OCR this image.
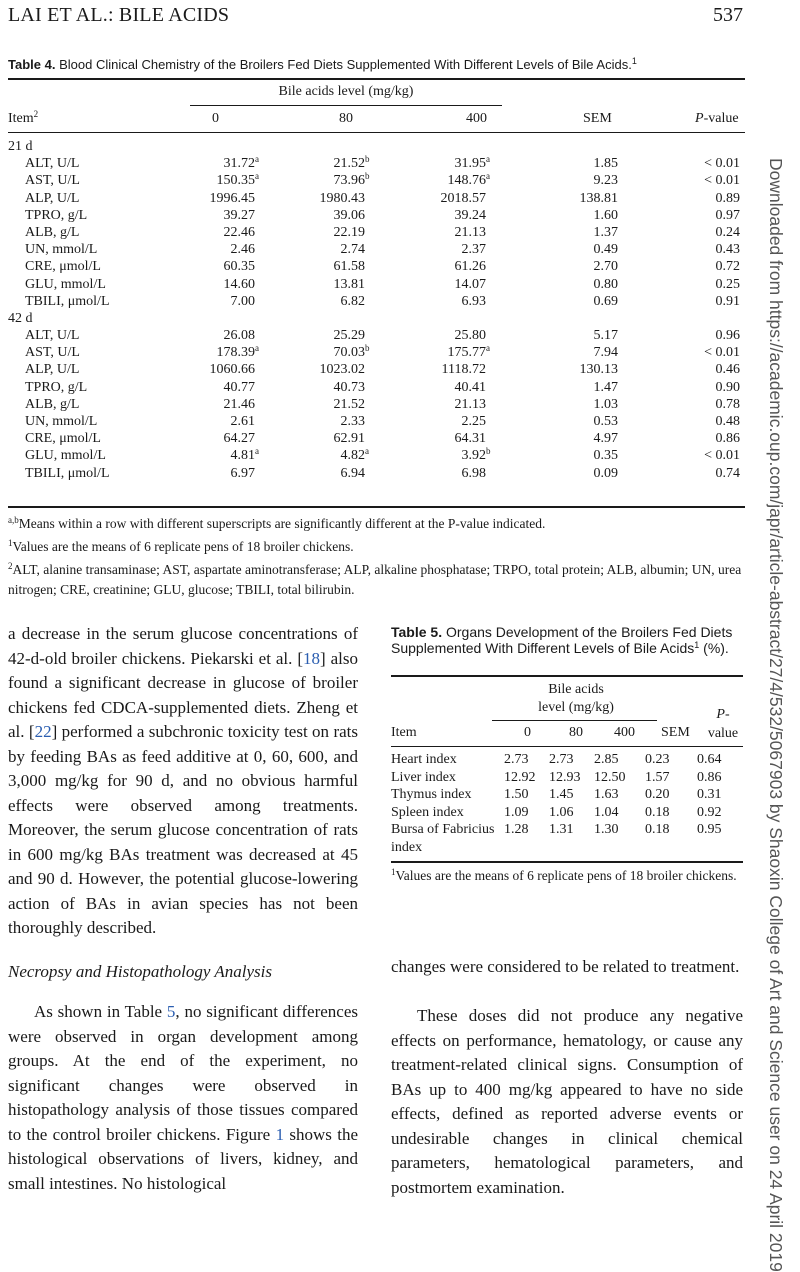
LAI ET AL.: BILE ACIDS	537
Table 4. Blood Clinical Chemistry of the Broilers Fed Diets Supplemented With Different Levels of Bile Acids.$^1$
Bile acids level (mg/kg)
Item$^2$	0	80	400	SEM	P-value
21 d
ALT, U/L	31.72$^a$	21.52$^b$	31.95$^a$	1.85	< 0.01
AST, U/L	150.35$^a$	73.96$^b$	148.76$^a$	9.23	< 0.01
ALP, U/L	1996.45	1980.43	2018.57	138.81	0.89
TPRO, g/L	39.27	39.06	39.24	1.60	0.97
ALB, g/L	22.46	22.19	21.13	1.37	0.24
UN, mmol/L	2.46	2.74	2.37	0.49	0.43
CRE, μmol/L	60.35	61.58	61.26	2.70	0.72
GLU, mmol/L	14.60	13.81	14.07	0.80	0.25
TBILI, μmol/L	7.00	6.82	6.93	0.69	0.91
42 d
ALT, U/L	26.08	25.29	25.80	5.17	0.96
AST, U/L	178.39$^a$	70.03$^b$	175.77$^a$	7.94	< 0.01
ALP, U/L	1060.66	1023.02	1118.72	130.13	0.46
TPRO, g/L	40.77	40.73	40.41	1.47	0.90
ALB, g/L	21.46	21.52	21.13	1.03	0.78
UN, mmol/L	2.61	2.33	2.25	0.53	0.48
CRE, μmol/L	64.27	62.91	64.31	4.97	0.86
GLU, mmol/L	4.81$^a$	4.82$^a$	3.92$^b$	0.35	< 0.01
TBILI, μmol/L	6.97	6.94	6.98	0.09	0.74

$^{a,b}$Means within a row with different superscripts are significantly different at the P-value indicated.

$^1$Values are the means of 6 replicate pens of 18 broiler chickens.

$^2$ALT, alanine transaminase; AST, aspartate aminotransferase; ALP, alkaline phosphatase; TRPO, total protein; ALB, albumin; UN, urea nitrogen; CRE, creatinine; GLU, glucose; TBILI, total bilirubin.

a decrease in the serum glucose concentrations of 42-d-old broiler chickens. Piekarski et al. [18] also found a significant decrease in glucose of broiler chickens fed CDCA-supplemented diets. Zheng et al. [22] performed a subchronic toxicity test on rats by feeding BAs as feed additive at 0, 60, 600, and 3,000 mg/kg for 90 d, and no obvious harmful effects were observed among treatments. Moreover, the serum glucose concentration of rats in 600 mg/kg BAs treatment was decreased at 45 and 90 d. However, the potential glucose-lowering action of BAs in avian species has not been thoroughly described.
Necropsy and Histopathology Analysis
As shown in Table 5, no significant differences were observed in organ development among groups. At the end of the experiment, no significant changes were observed in histopathology analysis of those tissues compared to the control broiler chickens. Figure 1 shows the histological observations of livers, kidney, and small intestines. No histological
Table 5. Organs Development of the Broilers Fed Diets Supplemented With Different Levels of Bile Acids$^1$ (%).
Bile acids
level (mg/kg)
Item	0	80 400 SEM
P-
value
Heart index	2.73 2.73 2.85 0.23 0.64
Liver index	12.92 12.93 12.50 1.57 0.86
Thymus index 1.50 1.45 1.63 0.20 0.31
Spleen index	1.09 1.06 1.04 0.18 0.92
Bursa of Fabricius 1.28 1.31 1.30 0.18 0.95
index
$^1$Values are the means of 6 replicate pens of 18 broiler chickens.
changes were considered to be related to treatment.
These doses did not produce any negative effects on performance, hematology, or cause any treatment-related clinical signs. Consumption of BAs up to 400 mg/kg appeared to have no side effects, defined as reported adverse events or undesirable changes in clinical chemical parameters, hematological parameters, and postmortem examination.	Downloaded from https://academic.oup.com/japr/article-abstract/27/4/532/5067903 by Shaoxin College of Art and Science user on 24 April 2019
